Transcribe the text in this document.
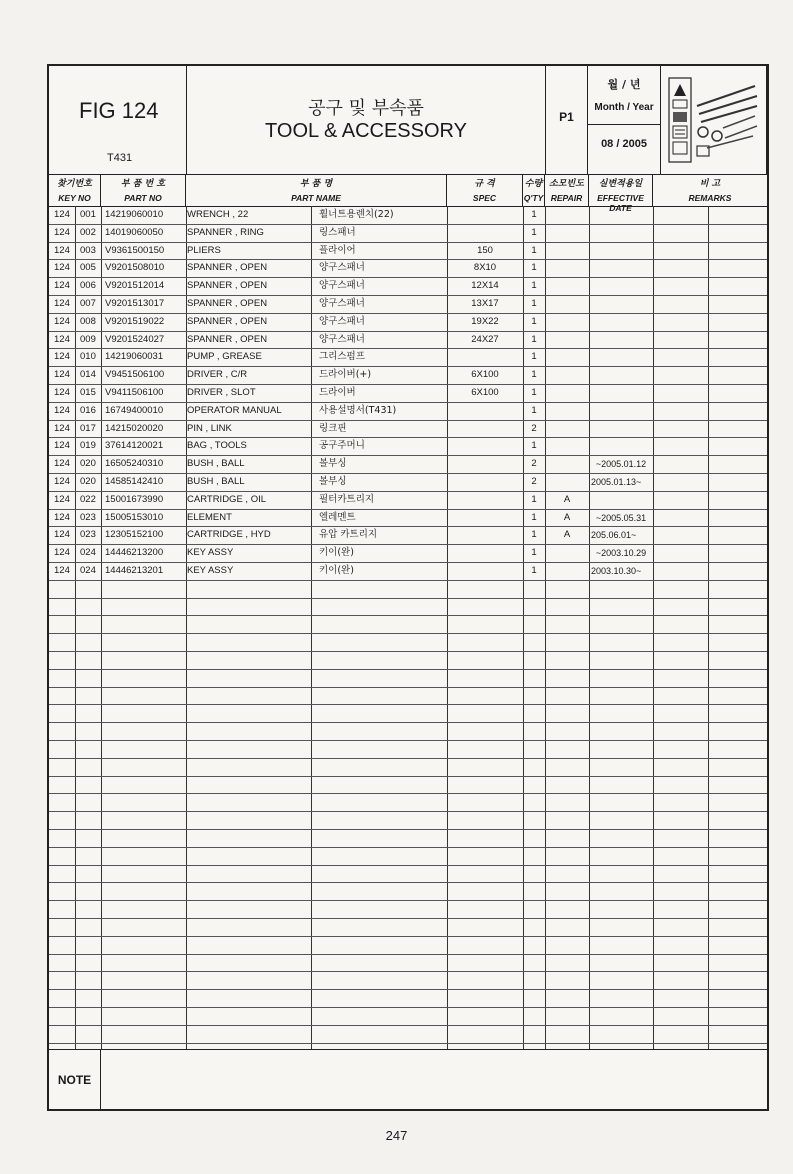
FIG 124
T431
공구 및 부속품
TOOL & ACCESSORY
P1
월 / 년
Month / Year
08 / 2005
찾기번호
KEY NO
부 품 번 호
PART NO
부 품 명
PART NAME
규 격
SPEC
수량
Q'TY
소모빈도
REPAIR
실변적용일
EFFECTIVE DATE
비 고
REMARKS
124 001 14219060010	WRENCH , 22	휠너트용렌치(22)	1
124 002 14019060050	SPANNER , RING	링스패너	1
124 003 V9361500150 PLIERS	플라이어	150	1
124 005 V9201508010 SPANNER , OPEN	양구스패너	8X10	1
124 006 V9201512014 SPANNER , OPEN	양구스패너	12X14	1
124 007 V9201513017 SPANNER , OPEN	양구스패너	13X17	1
124 008 V9201519022 SPANNER , OPEN	양구스패너	19X22	1
124 009 V9201524027 SPANNER , OPEN	양구스패너	24X27	1
124 010 14219060031	PUMP , GREASE	그리스펌프	1
124 014 V9451506100 DRIVER , C/R	드라이버(+)	6X100	1
124 015 V9411506100 DRIVER , SLOT	드라이버	6X100	1
124 016 16749400010	OPERATOR MANUAL	사용설명서(T431)	1
124 017 14215020020	PIN , LINK	링크핀	2
124 019 37614120021	BAG , TOOLS	공구주머니	1
124 020 16505240310	BUSH , BALL	볼부싱	2	~2005.01.12
124 020 14585142410	BUSH , BALL	볼부싱	2	2005.01.13~
124 022 15001673990	CARTRIDGE , OIL	필터카트리지	1	A
124 023 15005153010	ELEMENT	엘레멘트	1	A	~2005.05.31
124 023 12305152100	CARTRIDGE , HYD	유압 카트리지	1	A	205.06.01~
124 024 14446213200	KEY ASSY	키이(완)	1	~2003.10.29
124 024 14446213201	KEY ASSY	키이(완)	1	2003.10.30~
NOTE
247
